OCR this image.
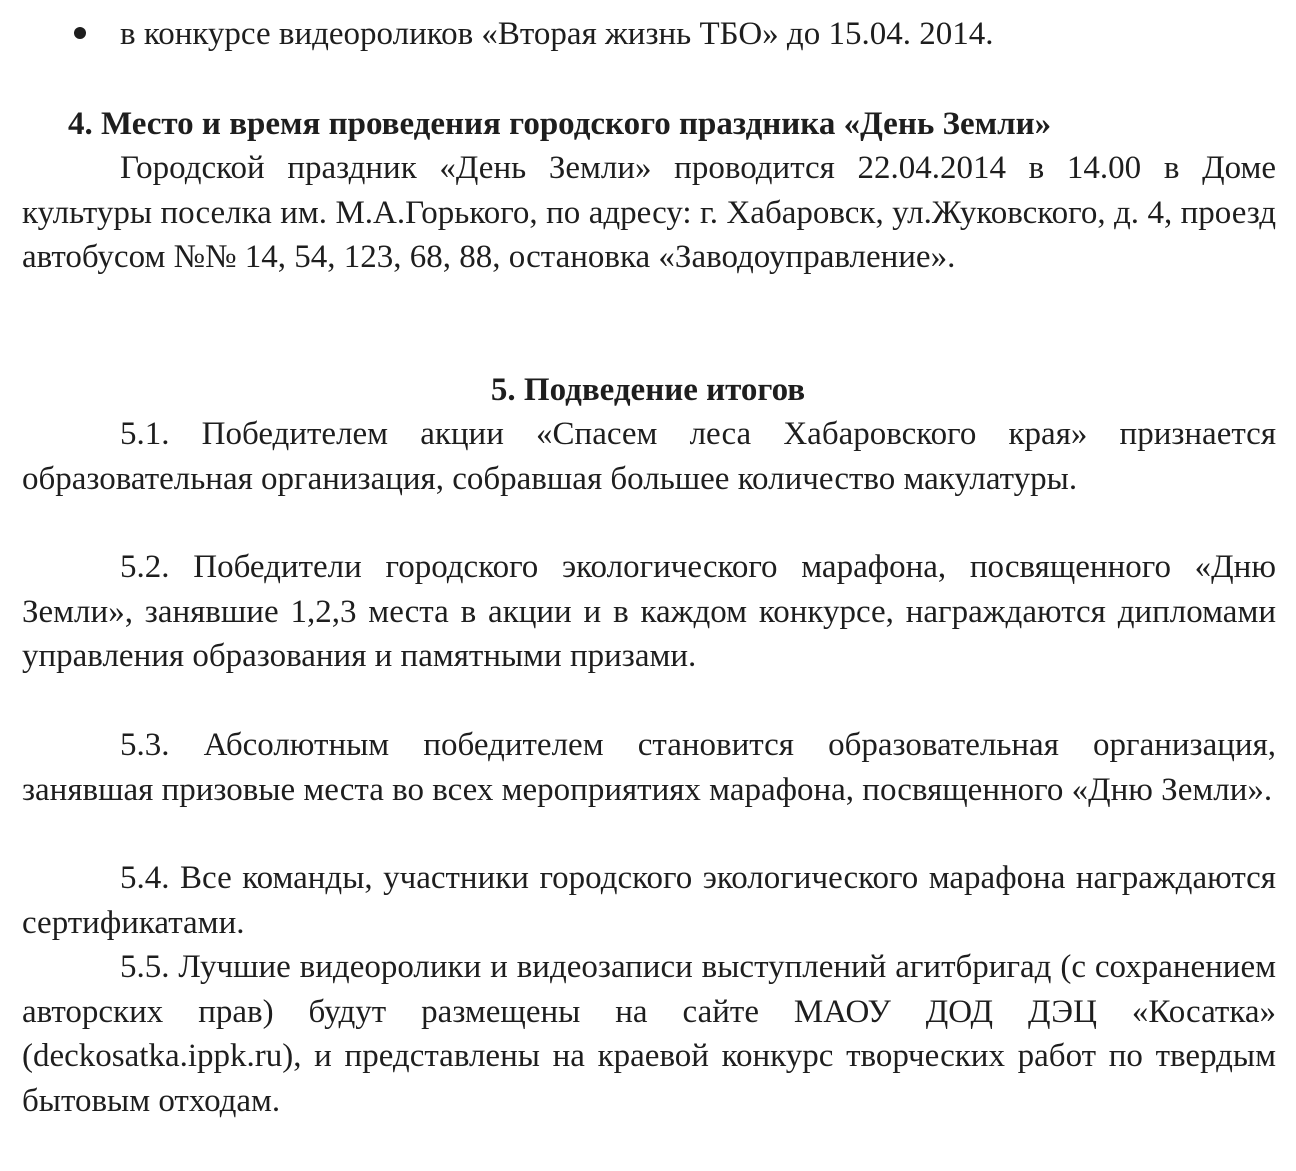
в конкурсе видеороликов «Вторая жизнь ТБО» до 15.04. 2014.
4. Место и время проведения городского праздника «День Земли»
Городской праздник «День Земли» проводится 22.04.2014 в 14.00 в Доме культуры поселка им. М.А.Горького, по адресу: г. Хабаровск, ул.Жуковского, д. 4, проезд автобусом №№ 14, 54, 123, 68, 88, остановка «Заводоуправление».
5. Подведение итогов
5.1. Победителем акции «Спасем леса Хабаровского края» признается образовательная организация, собравшая большее количество макулатуры.
5.2. Победители городского экологического марафона, посвященного «Дню Земли», занявшие 1,2,3 места в акции и в каждом конкурсе, награждаются дипломами управления образования и памятными призами.
5.3. Абсолютным победителем становится образовательная организация, занявшая призовые места во всех мероприятиях марафона, посвященного «Дню Земли».
5.4. Все команды, участники городского экологического марафона награждаются сертификатами.
5.5. Лучшие видеоролики и видеозаписи выступлений агитбригад (с сохранением авторских прав) будут размещены на сайте МАОУ ДОД ДЭЦ «Косатка» (deckosatka.ippk.ru), и представлены на краевой конкурс творческих работ по твердым бытовым отходам.
